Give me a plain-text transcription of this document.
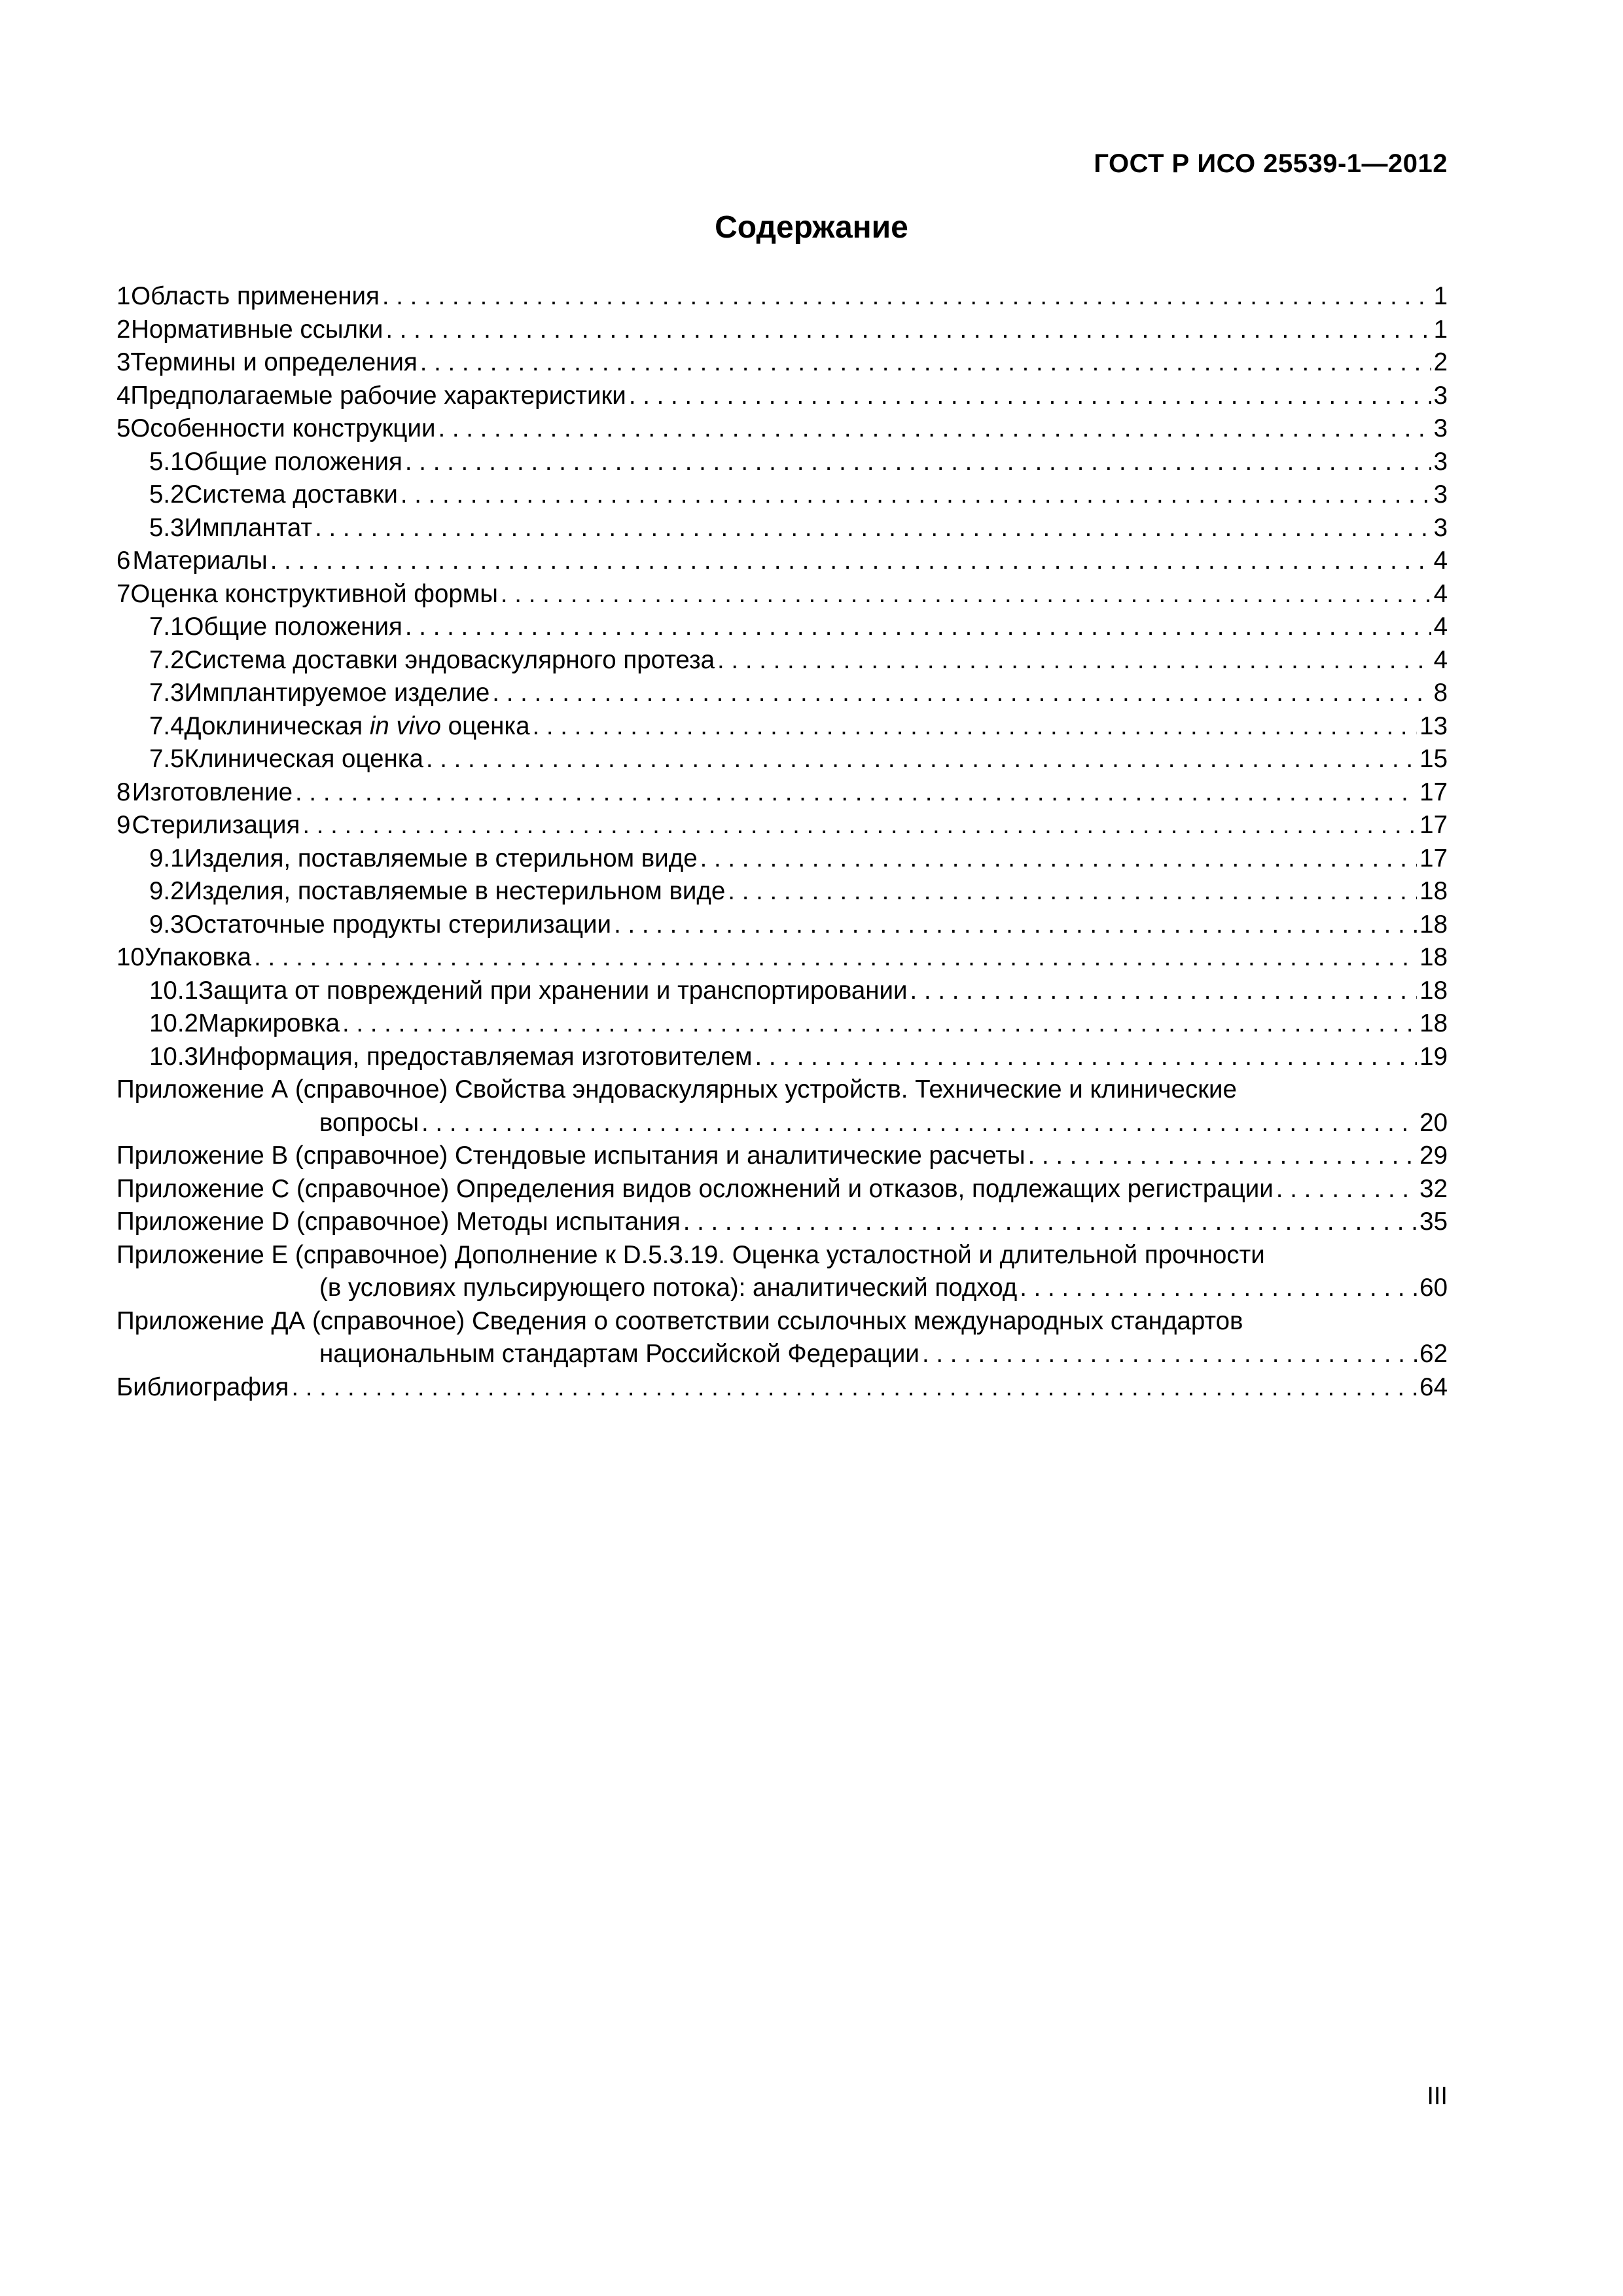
ГОСТ Р ИСО 25539-1—2012
Содержание
1 Область применения . . .	1
2 Нормативные ссылки . . .	1
3 Термины и определения . . .	2
4 Предполагаемые рабочие характеристики . . .	3
5 Особенности конструкции . . .	3
5.1 Общие положения . . .	3
5.2 Система доставки . . .	3
5.3 Имплантат . . .	3
6 Материалы . . .	4
7 Оценка конструктивной формы . . .	4
7.1 Общие положения . . .	4
7.2 Система доставки эндоваскулярного протеза . . .	4
7.3 Имплантируемое изделие . . .	8
7.4 Доклиническая in vivo оценка . . .	13
7.5 Клиническая оценка . . .	15
8 Изготовление . . .	17
9 Стерилизация . . .	17
9.1 Изделия, поставляемые в стерильном виде . . .	17
9.2 Изделия, поставляемые в нестерильном виде . . .	18
9.3 Остаточные продукты стерилизации . . .	18
10 Упаковка . . .	18
10.1 Защита от повреждений при хранении и транспортировании . . .	18
10.2 Маркировка . . .	18
10.3 Информация, предоставляемая изготовителем . . .	19
Приложение А (справочное) Свойства эндоваскулярных устройств. Технические и клинические
вопросы . . .	20
Приложение В (справочное) Стендовые испытания и аналитические расчеты . . .	29
Приложение С (справочное) Определения видов осложнений и отказов, подлежащих регистрации . . .	32
Приложение D (справочное) Методы испытания . . .	35
Приложение Е (справочное) Дополнение к D.5.3.19. Оценка усталостной и длительной прочности
(в условиях пульсирующего потока): аналитический подход . . .	60
Приложение ДА (справочное) Сведения о соответствии ссылочных международных стандартов
национальным стандартам Российской Федерации . . .	62
Библиография . . .	64
III
